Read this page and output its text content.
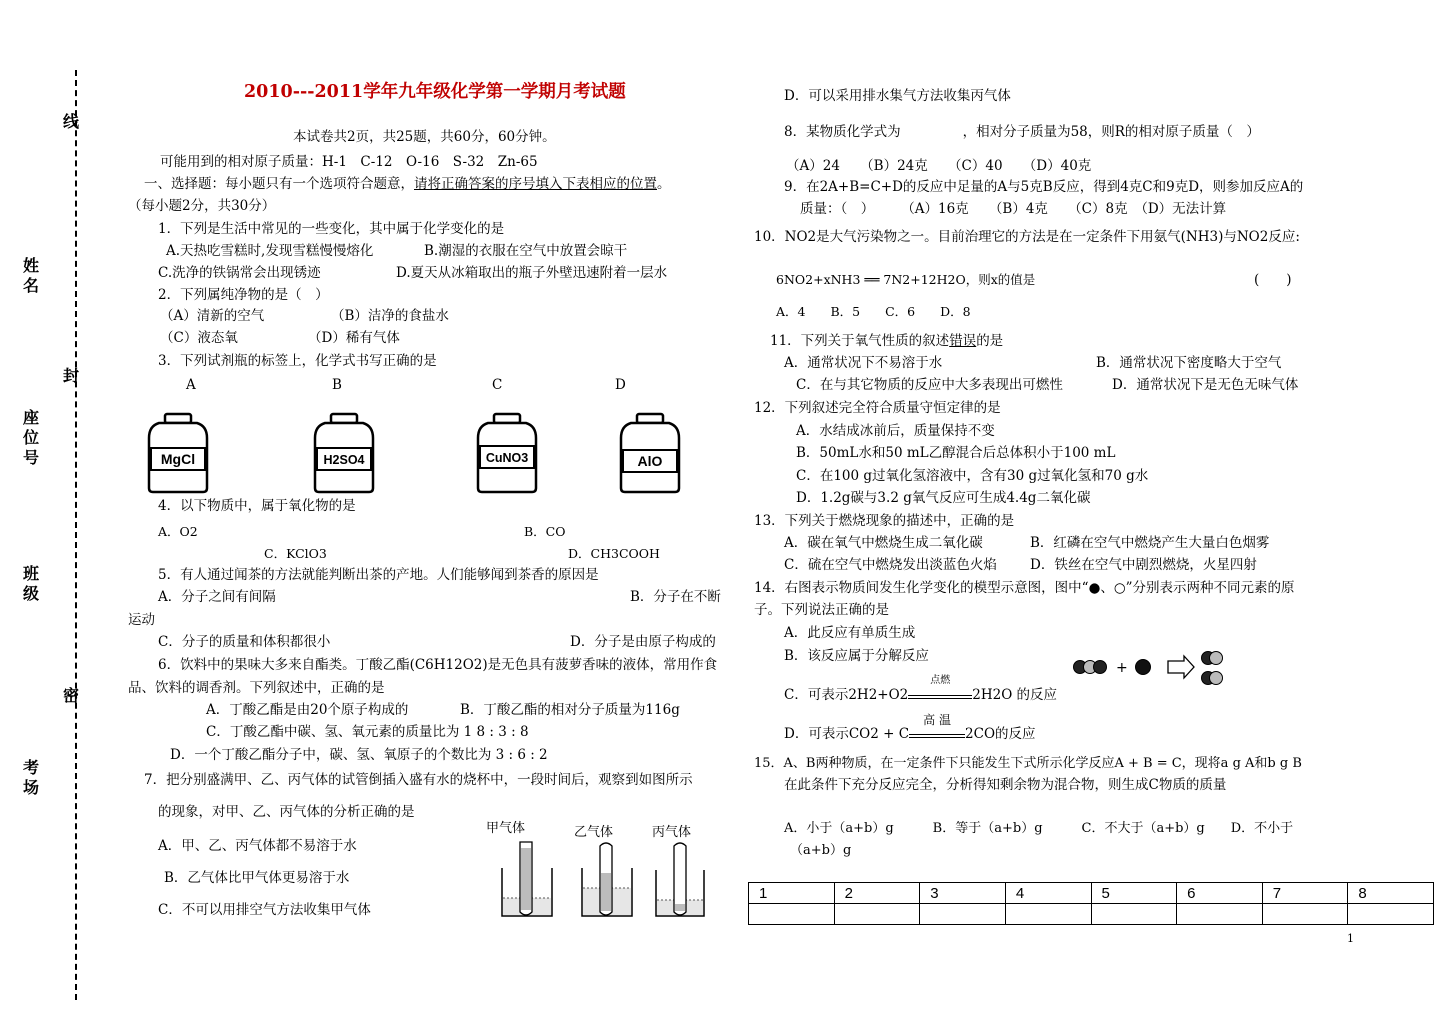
线
封
密
姓名
座位号
班级
考场
2010---2011学年九年级化学第一学期月考试题
本试卷共2页，共25题，共60分，60分钟。
可能用到的相对原子质量：H-1　C-12　O-16　S-32　Zn-65
一、选择题：每小题只有一个选项符合题意，请将正确答案的序号填入下表相应的位置。
（每小题2分，共30分）
1．下列是生活中常见的一些变化，其中属于化学变化的是
A.天热吃雪糕时,发现雪糕慢慢熔化	B.潮湿的衣服在空气中放置会晾干
C.洗净的铁锅常会出现锈迹	D.夏天从冰箱取出的瓶子外壁迅速附着一层水
2．下列属纯净物的是（　）
（A）清新的空气	（B）洁净的食盐水
（C）液态氧	（D）稀有气体
3．下列试剂瓶的标签上，化学式书写正确的是
A	B	C	D
MgCl	H2SO4	CuNO3	AlO
4．以下物质中，属于氧化物的是
A．O2	B．CO
C．KClO3	D．CH3COOH
5．有人通过闻茶的方法就能判断出茶的产地。人们能够闻到茶香的原因是
A．分子之间有间隔	B．分子在不断
运动
C．分子的质量和体积都很小	D．分子是由原子构成的
6．饮料中的果味大多来自酯类。丁酸乙酯(C6H12O2)是无色具有菠萝香味的液体，常用作食
品、饮料的调香剂。下列叙述中，正确的是
A．丁酸乙酯是由20个原子构成的	B．丁酸乙酯的相对分子质量为116g
C．丁酸乙酯中碳、氢、氧元素的质量比为 1 8 : 3 : 8
D．一个丁酸乙酯分子中，碳、氢、氧原子的个数比为 3 : 6 : 2
7．把分别盛满甲、乙、丙气体的试管倒插入盛有水的烧杯中，一段时间后，观察到如图所示
的现象，对甲、乙、丙气体的分析正确的是
A．甲、乙、丙气体都不易溶于水
B．乙气体比甲气体更易溶于水
C．不可以用排空气方法收集甲气体
甲气体	乙气体	丙气体
D．可以采用排水集气方法收集丙气体
8．某物质化学式为	，相对分子质量为58，则R的相对原子质量（　）
（A）24　　（B）24克　　（C）40　　（D）40克
9．在2A+B=C+D的反应中足量的A与5克B反应，得到4克C和9克D，则参加反应A的
质量：（　）　　　（A）16克　　（B）4克　　（C）8克　（D）无法计算
10．NO2是大气污染物之一。目前治理它的方法是在一定条件下用氨气(NH3)与NO2反应:
6NO2+xNH3 ══ 7N2+12H2O，则x的值是	(　　)
A．4　　B．5　　C．6　　D．8
11．下列关于氧气性质的叙述错误的是
A．通常状况下不易溶于水	B．通常状况下密度略大于空气
C．在与其它物质的反应中大多表现出可燃性	D．通常状况下是无色无味气体
12．下列叙述完全符合质量守恒定律的是
A．水结成冰前后，质量保持不变
B．50mL水和50 mL乙醇混合后总体积小于100 mL
C．在100 g过氧化氢溶液中，含有30 g过氧化氢和70 g水
D．1.2g碳与3.2 g氧气反应可生成4.4g二氧化碳
13．下列关于燃烧现象的描述中，正确的是
A．碳在氧气中燃烧生成二氧化碳	B．红磷在空气中燃烧产生大量白色烟雾
C．硫在空气中燃烧发出淡蓝色火焰 D．铁丝在空气中剧烈燃烧，火星四射
14．右图表示物质间发生化学变化的模型示意图，图中“●、○”分别表示两种不同元素的原
子。下列说法正确的是
A．此反应有单质生成
B．该反应属于分解反应
+
C．可表示2H2+O2
点燃
2H2O 的反应
D．可表示CO2 + C
高 温
2CO的反应
15．A、B两种物质，在一定条件下只能发生下式所示化学反应A + B = C，现将a g A和b g B
在此条件下充分反应完全，分析得知剩余物为混合物，则生成C物质的质量
A．小于（a+b）g　　　B．等于（a+b）g　　　C．不大于（a+b）g　　D．不小于
（a+b）g
1	2	3	4	5	6	7	8

1
